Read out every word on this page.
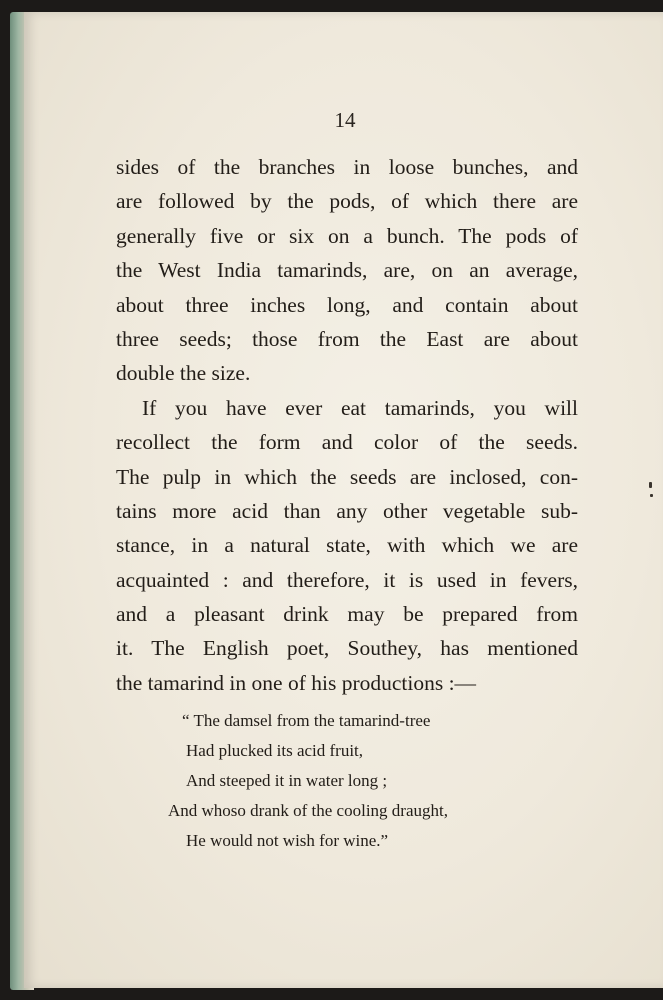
14
sides of the branches in loose bunches, and
are followed by the pods, of which there are
generally five or six on a bunch. The pods of
the West India tamarinds, are, on an average,
about three inches long, and contain about
three seeds; those from the East are about
double the size.
If you have ever eat tamarinds, you will
recollect the form and color of the seeds.
The pulp in which the seeds are inclosed, con-
tains more acid than any other vegetable sub-
stance, in a natural state, with which we are
acquainted : and therefore, it is used in fevers,
and a pleasant drink may be prepared from
it. The English poet, Southey, has mentioned
the tamarind in one of his productions :—
“ The damsel from the tamarind-tree
Had plucked its acid fruit,
And steeped it in water long ;
And whoso drank of the cooling draught,
He would not wish for wine.”
